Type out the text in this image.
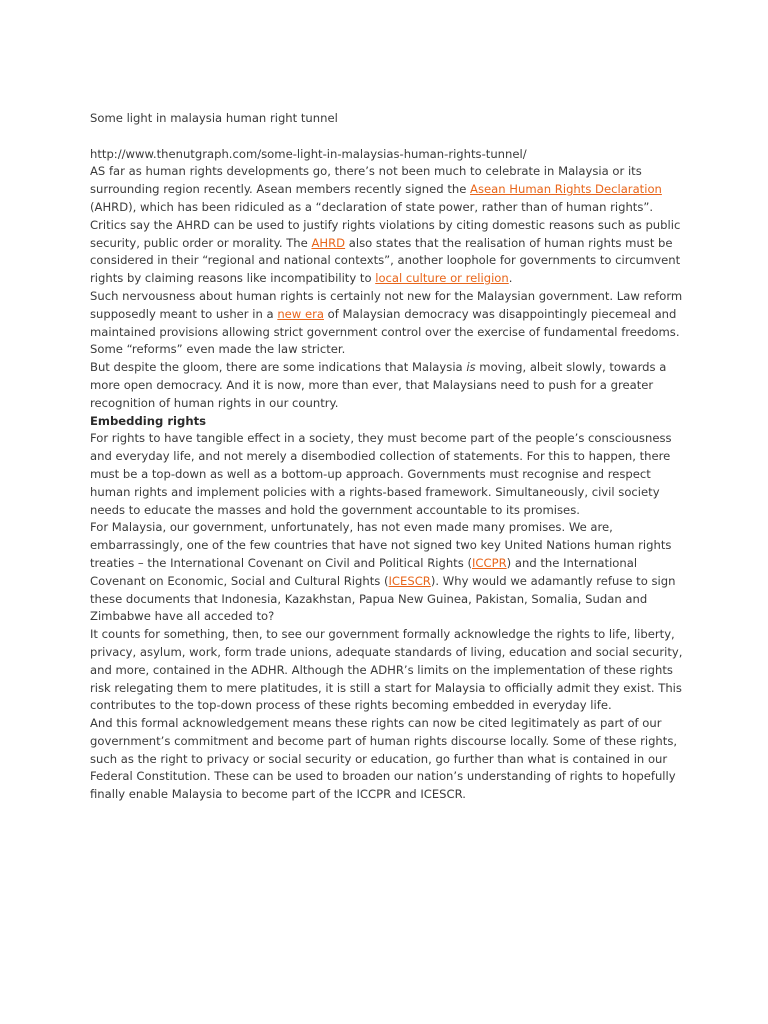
Some light in malaysia human right tunnel

http://www.thenutgraph.com/some-light-in-malaysias-human-rights-tunnel/

AS far as human rights developments go, there’s not been much to celebrate in Malaysia or its surrounding region recently. Asean members recently signed the Asean Human Rights Declaration (AHRD), which has been ridiculed as a “declaration of state power, rather than of human rights”. Critics say the AHRD can be used to justify rights violations by citing domestic reasons such as public security, public order or morality. The AHRD also states that the realisation of human rights must be considered in their “regional and national contexts”, another loophole for governments to circumvent rights by claiming reasons like incompatibility to local culture or religion.

Such nervousness about human rights is certainly not new for the Malaysian government. Law reform supposedly meant to usher in a new era of Malaysian democracy was disappointingly piecemeal and maintained provisions allowing strict government control over the exercise of fundamental freedoms. Some “reforms” even made the law stricter.

But despite the gloom, there are some indications that Malaysia is moving, albeit slowly, towards a more open democracy. And it is now, more than ever, that Malaysians need to push for a greater recognition of human rights in our country.

Embedding rights

For rights to have tangible effect in a society, they must become part of the people’s consciousness and everyday life, and not merely a disembodied collection of statements. For this to happen, there must be a top-down as well as a bottom-up approach. Governments must recognise and respect human rights and implement policies with a rights-based framework. Simultaneously, civil society needs to educate the masses and hold the government accountable to its promises.

For Malaysia, our government, unfortunately, has not even made many promises. We are, embarrassingly, one of the few countries that have not signed two key United Nations human rights treaties – the International Covenant on Civil and Political Rights (ICCPR) and the International Covenant on Economic, Social and Cultural Rights (ICESCR). Why would we adamantly refuse to sign these documents that Indonesia, Kazakhstan, Papua New Guinea, Pakistan, Somalia, Sudan and Zimbabwe have all acceded to?

It counts for something, then, to see our government formally acknowledge the rights to life, liberty, privacy, asylum, work, form trade unions, adequate standards of living, education and social security, and more, contained in the ADHR. Although the ADHR’s limits on the implementation of these rights risk relegating them to mere platitudes, it is still a start for Malaysia to officially admit they exist. This contributes to the top-down process of these rights becoming embedded in everyday life.

And this formal acknowledgement means these rights can now be cited legitimately as part of our government’s commitment and become part of human rights discourse locally. Some of these rights, such as the right to privacy or social security or education, go further than what is contained in our Federal Constitution. These can be used to broaden our nation’s understanding of rights to hopefully finally enable Malaysia to become part of the ICCPR and ICESCR.
